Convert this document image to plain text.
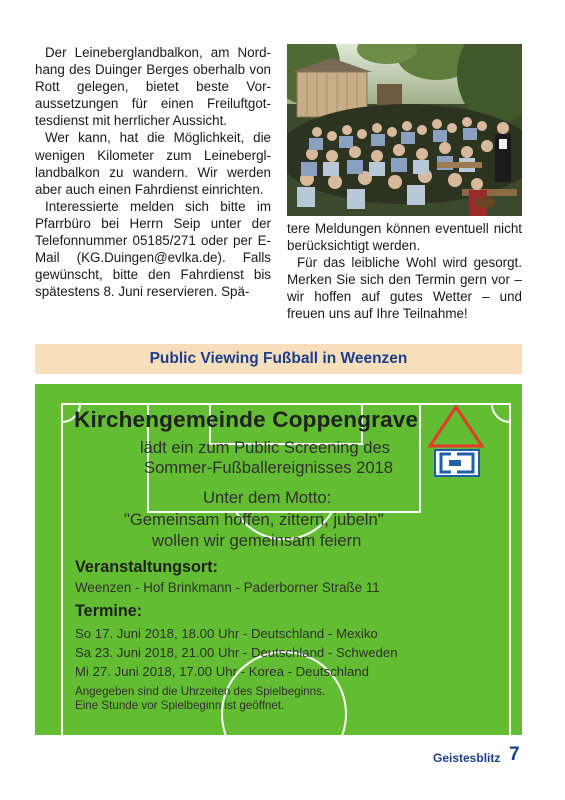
Der Leineberglandbalkon, am Nordhang des Duinger Berges oberhalb von Rott gelegen, bietet beste Voraussetzungen für einen Freiluftgottesdienst mit herrlicher Aussicht.

Wer kann, hat die Möglichkeit, die wenigen Kilometer zum Leinebergllandbalkon zu wandern. Wir werden aber auch einen Fahrdienst einrichten.

Interessierte melden sich bitte im Pfarrbüro bei Herrn Seip unter der Telefonnummer 05185/271 oder per E-Mail (KG.Duingen@evlka.de). Falls gewünscht, bitte den Fahrdienst bis spätestens 8. Juni reservieren. Spä-

tere Meldungen können eventuell nicht berücksichtigt werden.

Für das leibliche Wohl wird gesorgt. Merken Sie sich den Termin gern vor – wir hoffen auf gutes Wetter – und freuen uns auf Ihre Teilnahme!

Public Viewing Fußball in Weenzen
Kirchengemeinde Coppengrave
lädt ein zum Public Screening des
Sommer-Fußballereignisses 2018
Unter dem Motto:
"Gemeinsam hoffen, zittern, jubeln"
wollen wir gemeinsam feiern
Veranstaltungsort:
Weenzen - Hof Brinkmann - Paderborner Straße 11
Termine:
So 17. Juni 2018, 18.00 Uhr - Deutschland - Mexiko
Sa 23. Juni 2018, 21.00 Uhr - Deutschland - Schweden
Mi 27. Juni 2018, 17.00 Uhr - Korea - Deutschland
Angegeben sind die Uhrzeiten des Spielbeginns.
Eine Stunde vor Spielbeginn ist geöffnet.
Geistesblitz 7
